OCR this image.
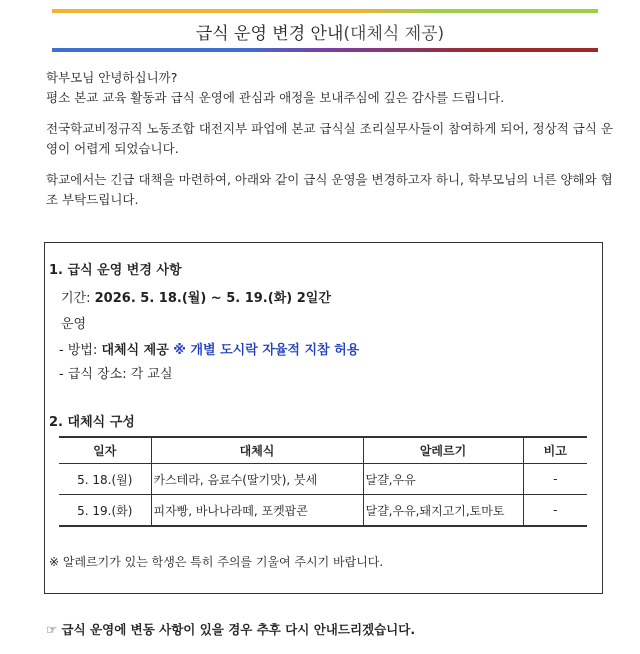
급식 운영 변경 안내(대체식 제공)

학부모님 안녕하십니까?

평소 본교 교육 활동과 급식 운영에 관심과 애정을 보내주심에 깊은 감사를 드립니다.

전국학교비정규직 노동조합 대전지부 파업에 본교 급식실 조리실무사들이 참여하게 되어, 정상적 급식 운영이 어렵게 되었습니다.

학교에서는 긴급 대책을 마련하여, 아래와 같이 급식 운영을 변경하고자 하니, 학부모님의 너른 양해와 협조 부탁드립니다.

1. 급식 운영 변경 사항
기간: 2026. 5. 18.(월) ~ 5. 19.(화) 2일간
운영
- 방법: 대체식 제공 ※ 개별 도시락 자율적 지참 허용
- 급식 장소: 각 교실
2. 대체식 구성
일자	대체식	알레르기	비고
5. 18.(월)	카스테라, 음료수(딸기맛), 붓세	달걀,우유	-
5. 19.(화)	피자빵, 바나나라떼, 포켓팝콘	달걀,우유,돼지고기,토마토	-
※ 알레르기가 있는 학생은 특히 주의를 기울여 주시기 바랍니다.
☞ 급식 운영에 변동 사항이 있을 경우 추후 다시 안내드리겠습니다.
